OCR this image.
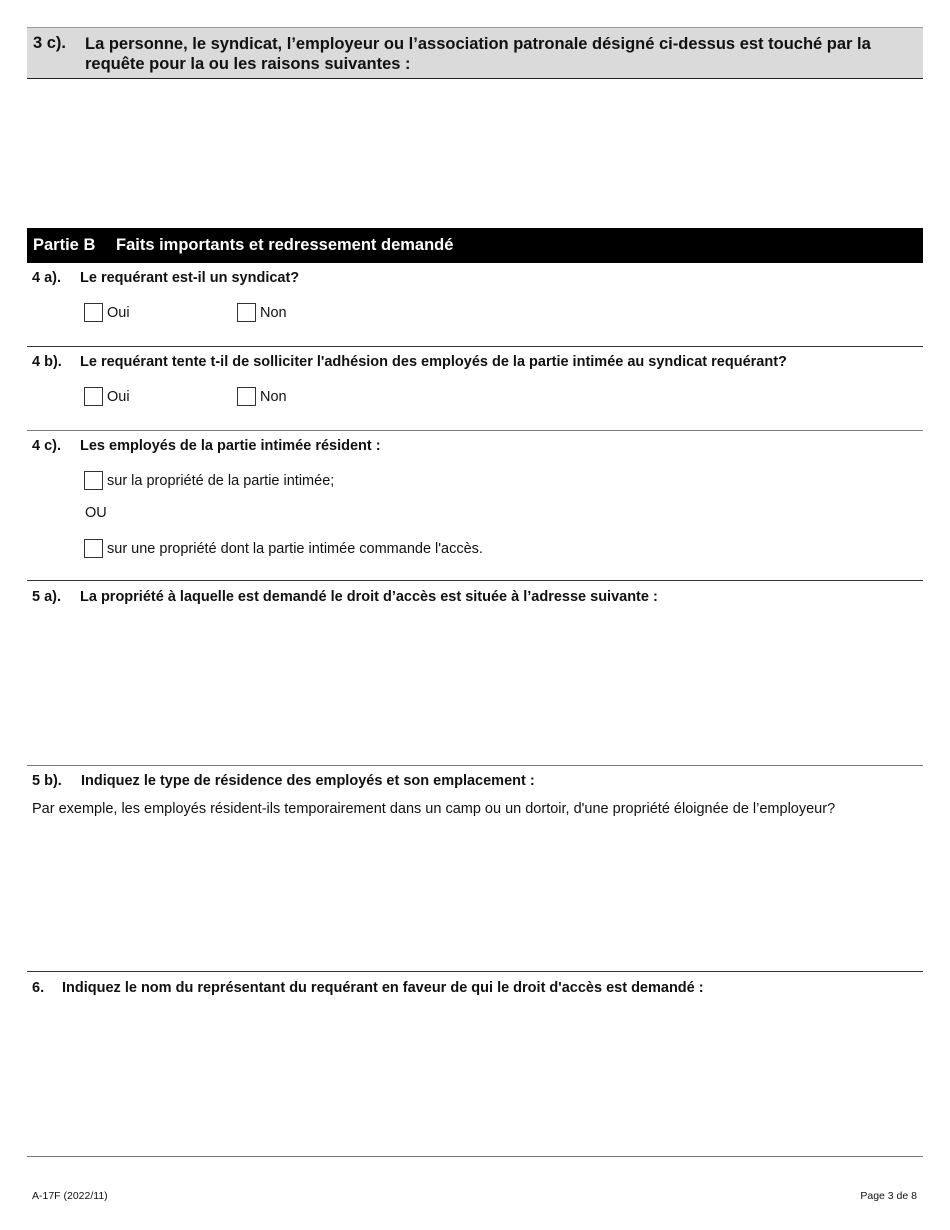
3 c). La personne, le syndicat, l’employeur ou l’association patronale désigné ci-dessus est touché par la requête pour la ou les raisons suivantes :
Partie B Faits importants et redressement demandé
4 a). Le requérant est-il un syndicat?
Oui	Non
4 b). Le requérant tente t-il de solliciter l'adhésion des employés de la partie intimée au syndicat requérant?
Oui	Non
4 c). Les employés de la partie intimée résident :
sur la propriété de la partie intimée;
OU
sur une propriété dont la partie intimée commande l'accès.
5 a). La propriété à laquelle est demandé le droit d’accès est située à l’adresse suivante :
5 b). Indiquez le type de résidence des employés et son emplacement :
Par exemple, les employés résident-ils temporairement dans un camp ou un dortoir, d'une propriété éloignée de l’employeur?
6. Indiquez le nom du représentant du requérant en faveur de qui le droit d'accès est demandé :
A-17F (2022/11)	Page 3 de 8
